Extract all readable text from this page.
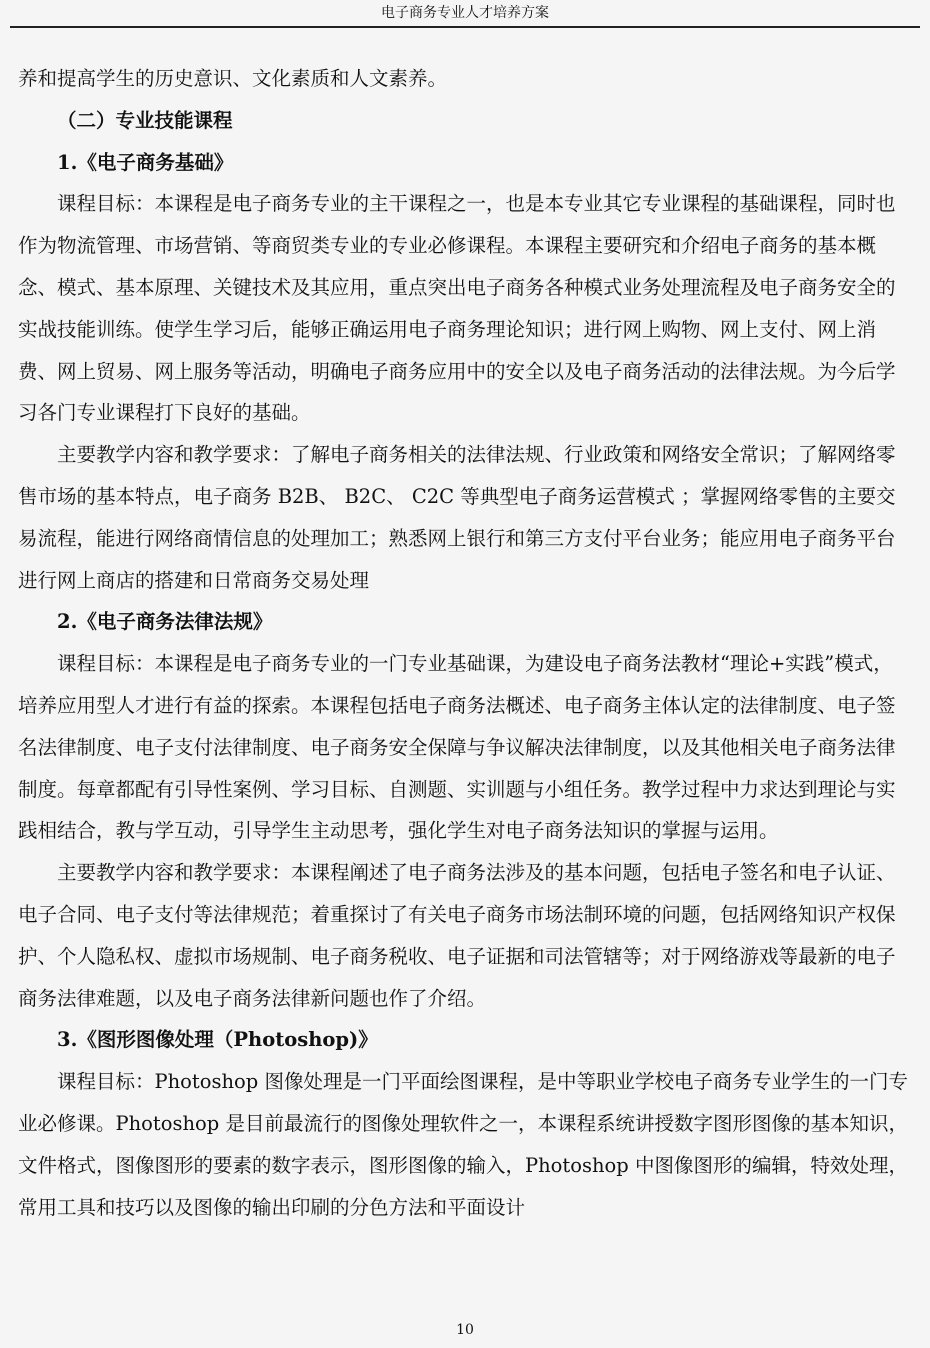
电子商务专业人才培养方案

养和提高学生的历史意识、文化素质和人文素养。

（二）专业技能课程

1.《电子商务基础》

课程目标：本课程是电子商务专业的主干课程之一，也是本专业其它专业课程的基础课程，同时也作为物流管理、市场营销、等商贸类专业的专业必修课程。本课程主要研究和介绍电子商务的基本概念、模式、基本原理、关键技术及其应用，重点突出电子商务各种模式业务处理流程及电子商务安全的实战技能训练。使学生学习后，能够正确运用电子商务理论知识；进行网上购物、网上支付、网上消费、网上贸易、网上服务等活动，明确电子商务应用中的安全以及电子商务活动的法律法规。为今后学习各门专业课程打下良好的基础。

主要教学内容和教学要求：了解电子商务相关的法律法规、行业政策和网络安全常识；了解网络零售市场的基本特点，电子商务 B2B、 B2C、 C2C 等典型电子商务运营模式 ；掌握网络零售的主要交易流程，能进行网络商情信息的处理加工；熟悉网上银行和第三方支付平台业务；能应用电子商务平台进行网上商店的搭建和日常商务交易处理

2.《电子商务法律法规》

课程目标：本课程是电子商务专业的一门专业基础课，为建设电子商务法教材“理论+实践”模式，培养应用型人才进行有益的探索。本课程包括电子商务法概述、电子商务主体认定的法律制度、电子签名法律制度、电子支付法律制度、电子商务安全保障与争议解决法律制度，以及其他相关电子商务法律制度。每章都配有引导性案例、学习目标、自测题、实训题与小组任务。教学过程中力求达到理论与实践相结合，教与学互动，引导学生主动思考，强化学生对电子商务法知识的掌握与运用。

主要教学内容和教学要求：本课程阐述了电子商务法涉及的基本问题，包括电子签名和电子认证、电子合同、电子支付等法律规范；着重探讨了有关电子商务市场法制环境的问题，包括网络知识产权保护、个人隐私权、虚拟市场规制、电子商务税收、电子证据和司法管辖等；对于网络游戏等最新的电子商务法律难题，以及电子商务法律新问题也作了介绍。

3.《图形图像处理（Photoshop)》

课程目标：Photoshop 图像处理是一门平面绘图课程，是中等职业学校电子商务专业学生的一门专业必修课。Photoshop 是目前最流行的图像处理软件之一，本课程系统讲授数字图形图像的基本知识，文件格式，图像图形的要素的数字表示，图形图像的输入，Photoshop 中图像图形的编辑，特效处理，常用工具和技巧以及图像的输出印刷的分色方法和平面设计

10
